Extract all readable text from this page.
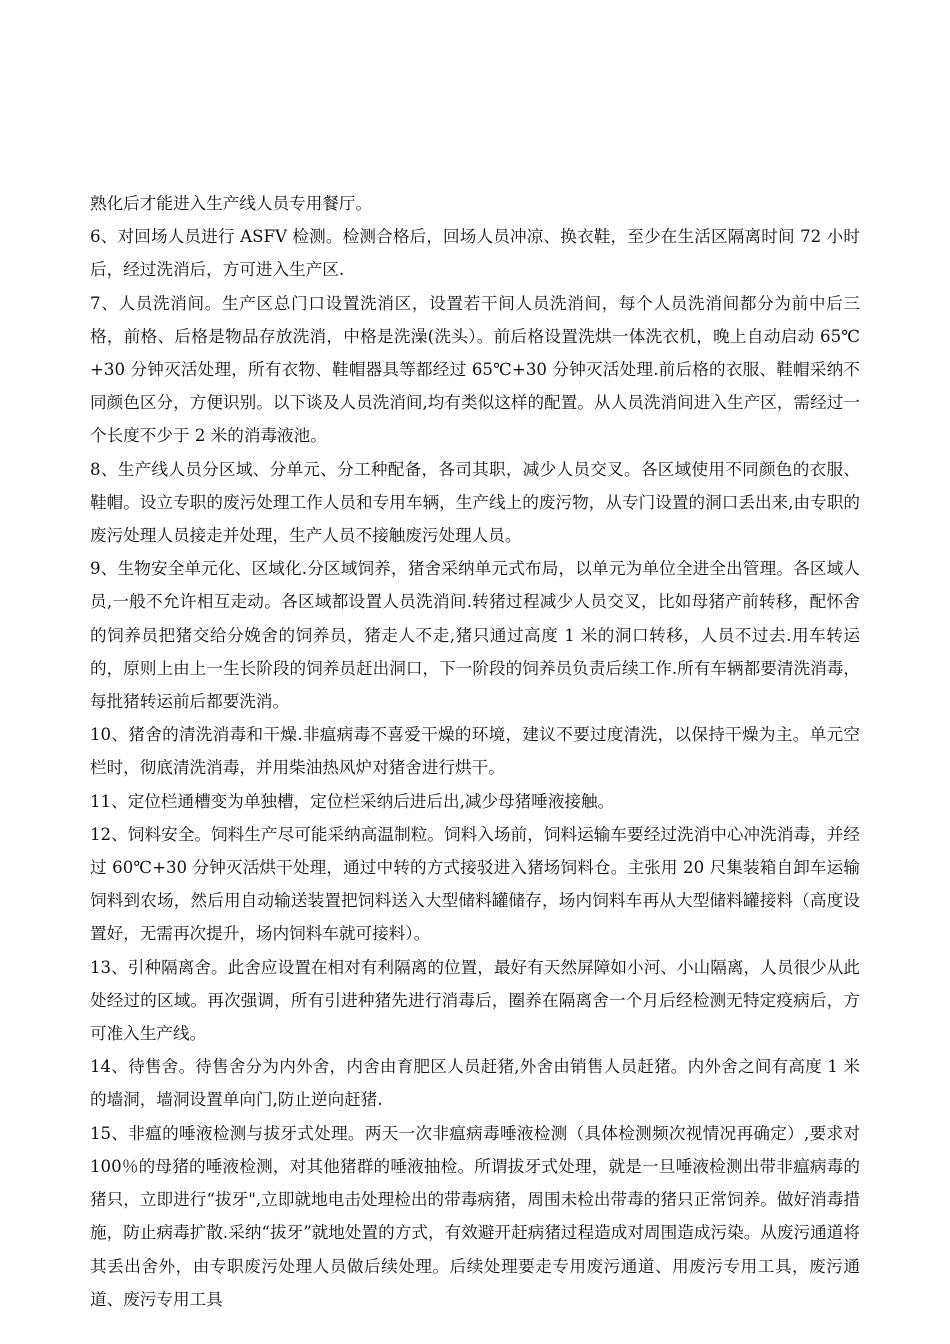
熟化后才能进入生产线人员专用餐厅。

6、对回场人员进行 ASFV 检测。检测合格后，回场人员冲凉、换衣鞋，至少在生活区隔离时间 72 小时后，经过洗消后，方可进入生产区.

7、人员洗消间。生产区总门口设置洗消区，设置若干间人员洗消间，每个人员洗消间都分为前中后三格，前格、后格是物品存放洗消，中格是洗澡(洗头）。前后格设置洗烘一体洗衣机，晚上自动启动 65℃+30 分钟灭活处理，所有衣物、鞋帽器具等都经过 65℃+30 分钟灭活处理.前后格的衣服、鞋帽采纳不同颜色区分，方便识别。以下谈及人员洗消间,均有类似这样的配置。从人员洗消间进入生产区，需经过一个长度不少于 2 米的消毒液池。

8、生产线人员分区域、分单元、分工种配备，各司其职，减少人员交叉。各区域使用不同颜色的衣服、鞋帽。设立专职的废污处理工作人员和专用车辆，生产线上的废污物，从专门设置的洞口丢出来,由专职的废污处理人员接走并处理，生产人员不接触废污处理人员。

9、生物安全单元化、区域化.分区域饲养，猪舍采纳单元式布局，以单元为单位全进全出管理。各区域人员,一般不允许相互走动。各区域都设置人员洗消间.转猪过程减少人员交叉，比如母猪产前转移，配怀舍的饲养员把猪交给分娩舍的饲养员，猪走人不走,猪只通过高度 1 米的洞口转移，人员不过去.用车转运的，原则上由上一生长阶段的饲养员赶出洞口，下一阶段的饲养员负责后续工作.所有车辆都要清洗消毒，每批猪转运前后都要洗消。

10、猪舍的清洗消毒和干燥.非瘟病毒不喜爱干燥的环境，建议不要过度清洗，以保持干燥为主。单元空栏时，彻底清洗消毒，并用柴油热风炉对猪舍进行烘干。

11、定位栏通槽变为单独槽，定位栏采纳后进后出,减少母猪唾液接触。

12、饲料安全。饲料生产尽可能采纳高温制粒。饲料入场前，饲料运输车要经过洗消中心冲洗消毒，并经过 60℃+30 分钟灭活烘干处理，通过中转的方式接驳进入猪场饲料仓。主张用 20 尺集装箱自卸车运输饲料到农场，然后用自动输送装置把饲料送入大型储料罐储存，场内饲料车再从大型储料罐接料（高度设置好，无需再次提升，场内饲料车就可接料）。

13、引种隔离舍。此舍应设置在相对有利隔离的位置，最好有天然屏障如小河、小山隔离，人员很少从此处经过的区域。再次强调，所有引进种猪先进行消毒后，圈养在隔离舍一个月后经检测无特定疫病后，方可准入生产线。

14、待售舍。待售舍分为内外舍，内舍由育肥区人员赶猪,外舍由销售人员赶猪。内外舍之间有高度 1 米的墙洞，墙洞设置单向门,防止逆向赶猪.

15、非瘟的唾液检测与拔牙式处理。两天一次非瘟病毒唾液检测（具体检测频次视情况再确定）,要求对 100％的母猪的唾液检测，对其他猪群的唾液抽检。所谓拔牙式处理，就是一旦唾液检测出带非瘟病毒的猪只，立即进行“拔牙",立即就地电击处理检出的带毒病猪，周围未检出带毒的猪只正常饲养。做好消毒措施，防止病毒扩散.采纳“拔牙”就地处置的方式，有效避开赶病猪过程造成对周围造成污染。从废污通道将其丢出舍外，由专职废污处理人员做后续处理。后续处理要走专用废污通道、用废污专用工具，废污通道、废污专用工具
